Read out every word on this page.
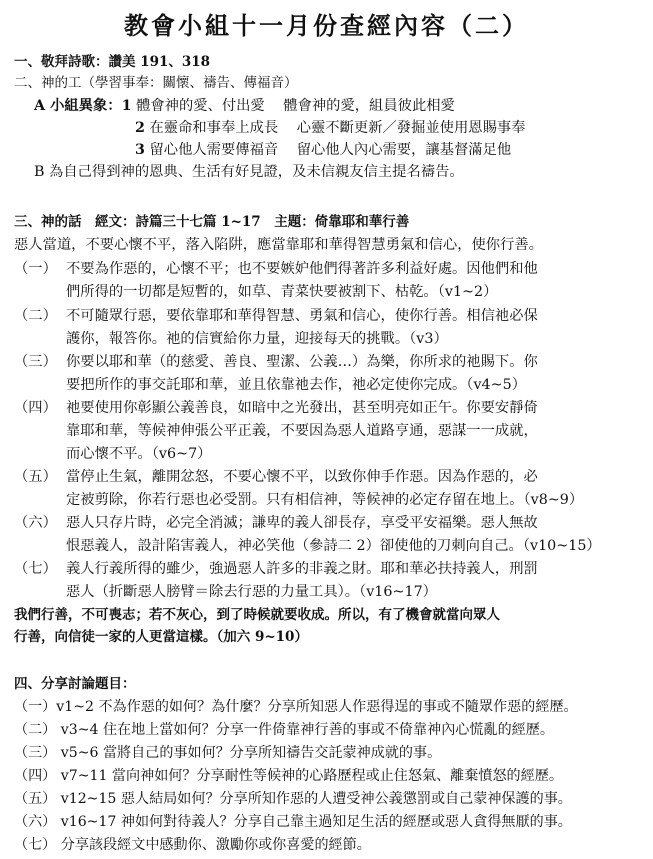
教會小組十一月份查經內容（二）
一、敬拜詩歌：讚美 191、318
二、神的工（學習事奉：關懷、禱告、傳福音）
A 小組異象：1 體會神的愛、付出愛 體會神的愛，組員彼此相愛
2 在靈命和事奉上成長 心靈不斷更新／發掘並使用恩賜事奉
3 留心他人需要傳福音 留心他人內心需要，讓基督滿足他
B 為自己得到神的恩典、生活有好見證，及未信親友信主提名禱告。
三、神的話　經文：詩篇三十七篇 1~17　主題：倚靠耶和華行善
惡人當道，不要心懷不平，落入陷阱，應當靠耶和華得智慧勇氣和信心，使你行善。
（一） 不要為作惡的，心懷不平；也不要嫉妒他們得著許多利益好處。因他們和他
們所得的一切都是短暫的，如草、青菜快要被割下、枯乾。（v1~2）
（二） 不可隨眾行惡，要依靠耶和華得智慧、勇氣和信心，使你行善。相信祂必保
護你，報答你。祂的信實給你力量，迎接每天的挑戰。（v3）
（三） 你要以耶和華（的慈愛、善良、聖潔、公義…）為樂，你所求的祂賜下。你
要把所作的事交託耶和華，並且依靠祂去作，祂必定使你完成。（v4~5）
（四） 祂要使用你彰顯公義善良，如暗中之光發出，甚至明亮如正午。你要安靜倚
靠耶和華，等候神伸張公平正義，不要因為惡人道路亨通，惡謀一一成就，
而心懷不平。（v6~7）
（五） 當停止生氣，離開忿怒，不要心懷不平，以致你伸手作惡。因為作惡的，必
定被剪除，你若行惡也必受罰。只有相信神，等候神的必定存留在地上。（v8~9）
（六） 惡人只存片時，必完全消滅；謙卑的義人卻長存，享受平安福樂。惡人無故
恨惡義人，設計陷害義人，神必笑他（參詩二 2）卻使他的刀刺向自己。（v10~15）
（七） 義人行義所得的雖少，強過惡人許多的非義之財。耶和華必扶持義人，刑罰
惡人（折斷惡人膀臂＝除去行惡的力量工具）。（v16~17）
我們行善，不可喪志；若不灰心，到了時候就要收成。所以，有了機會就當向眾人
行善，向信徒一家的人更當這樣。（加六 9~10）
四、分享討論題目：
（一）v1~2 不為作惡的如何？為什麼？分享所知惡人作惡得逞的事或不隨眾作惡的經歷。
（二） v3~4 住在地上當如何？分享一件倚靠神行善的事或不倚靠神內心慌亂的經歷。
（三） v5~6 當將自己的事如何？分享所知禱告交託蒙神成就的事。
（四） v7~11 當向神如何？分享耐性等候神的心路歷程或止住怒氣、離棄憤怒的經歷。
（五） v12~15 惡人結局如何？分享所知作惡的人遭受神公義懲罰或自己蒙神保護的事。
（六） v16~17 神如何對待義人？分享自己靠主過知足生活的經歷或惡人貪得無厭的事。
（七） 分享該段經文中感動你、激勵你或你喜愛的經節。
